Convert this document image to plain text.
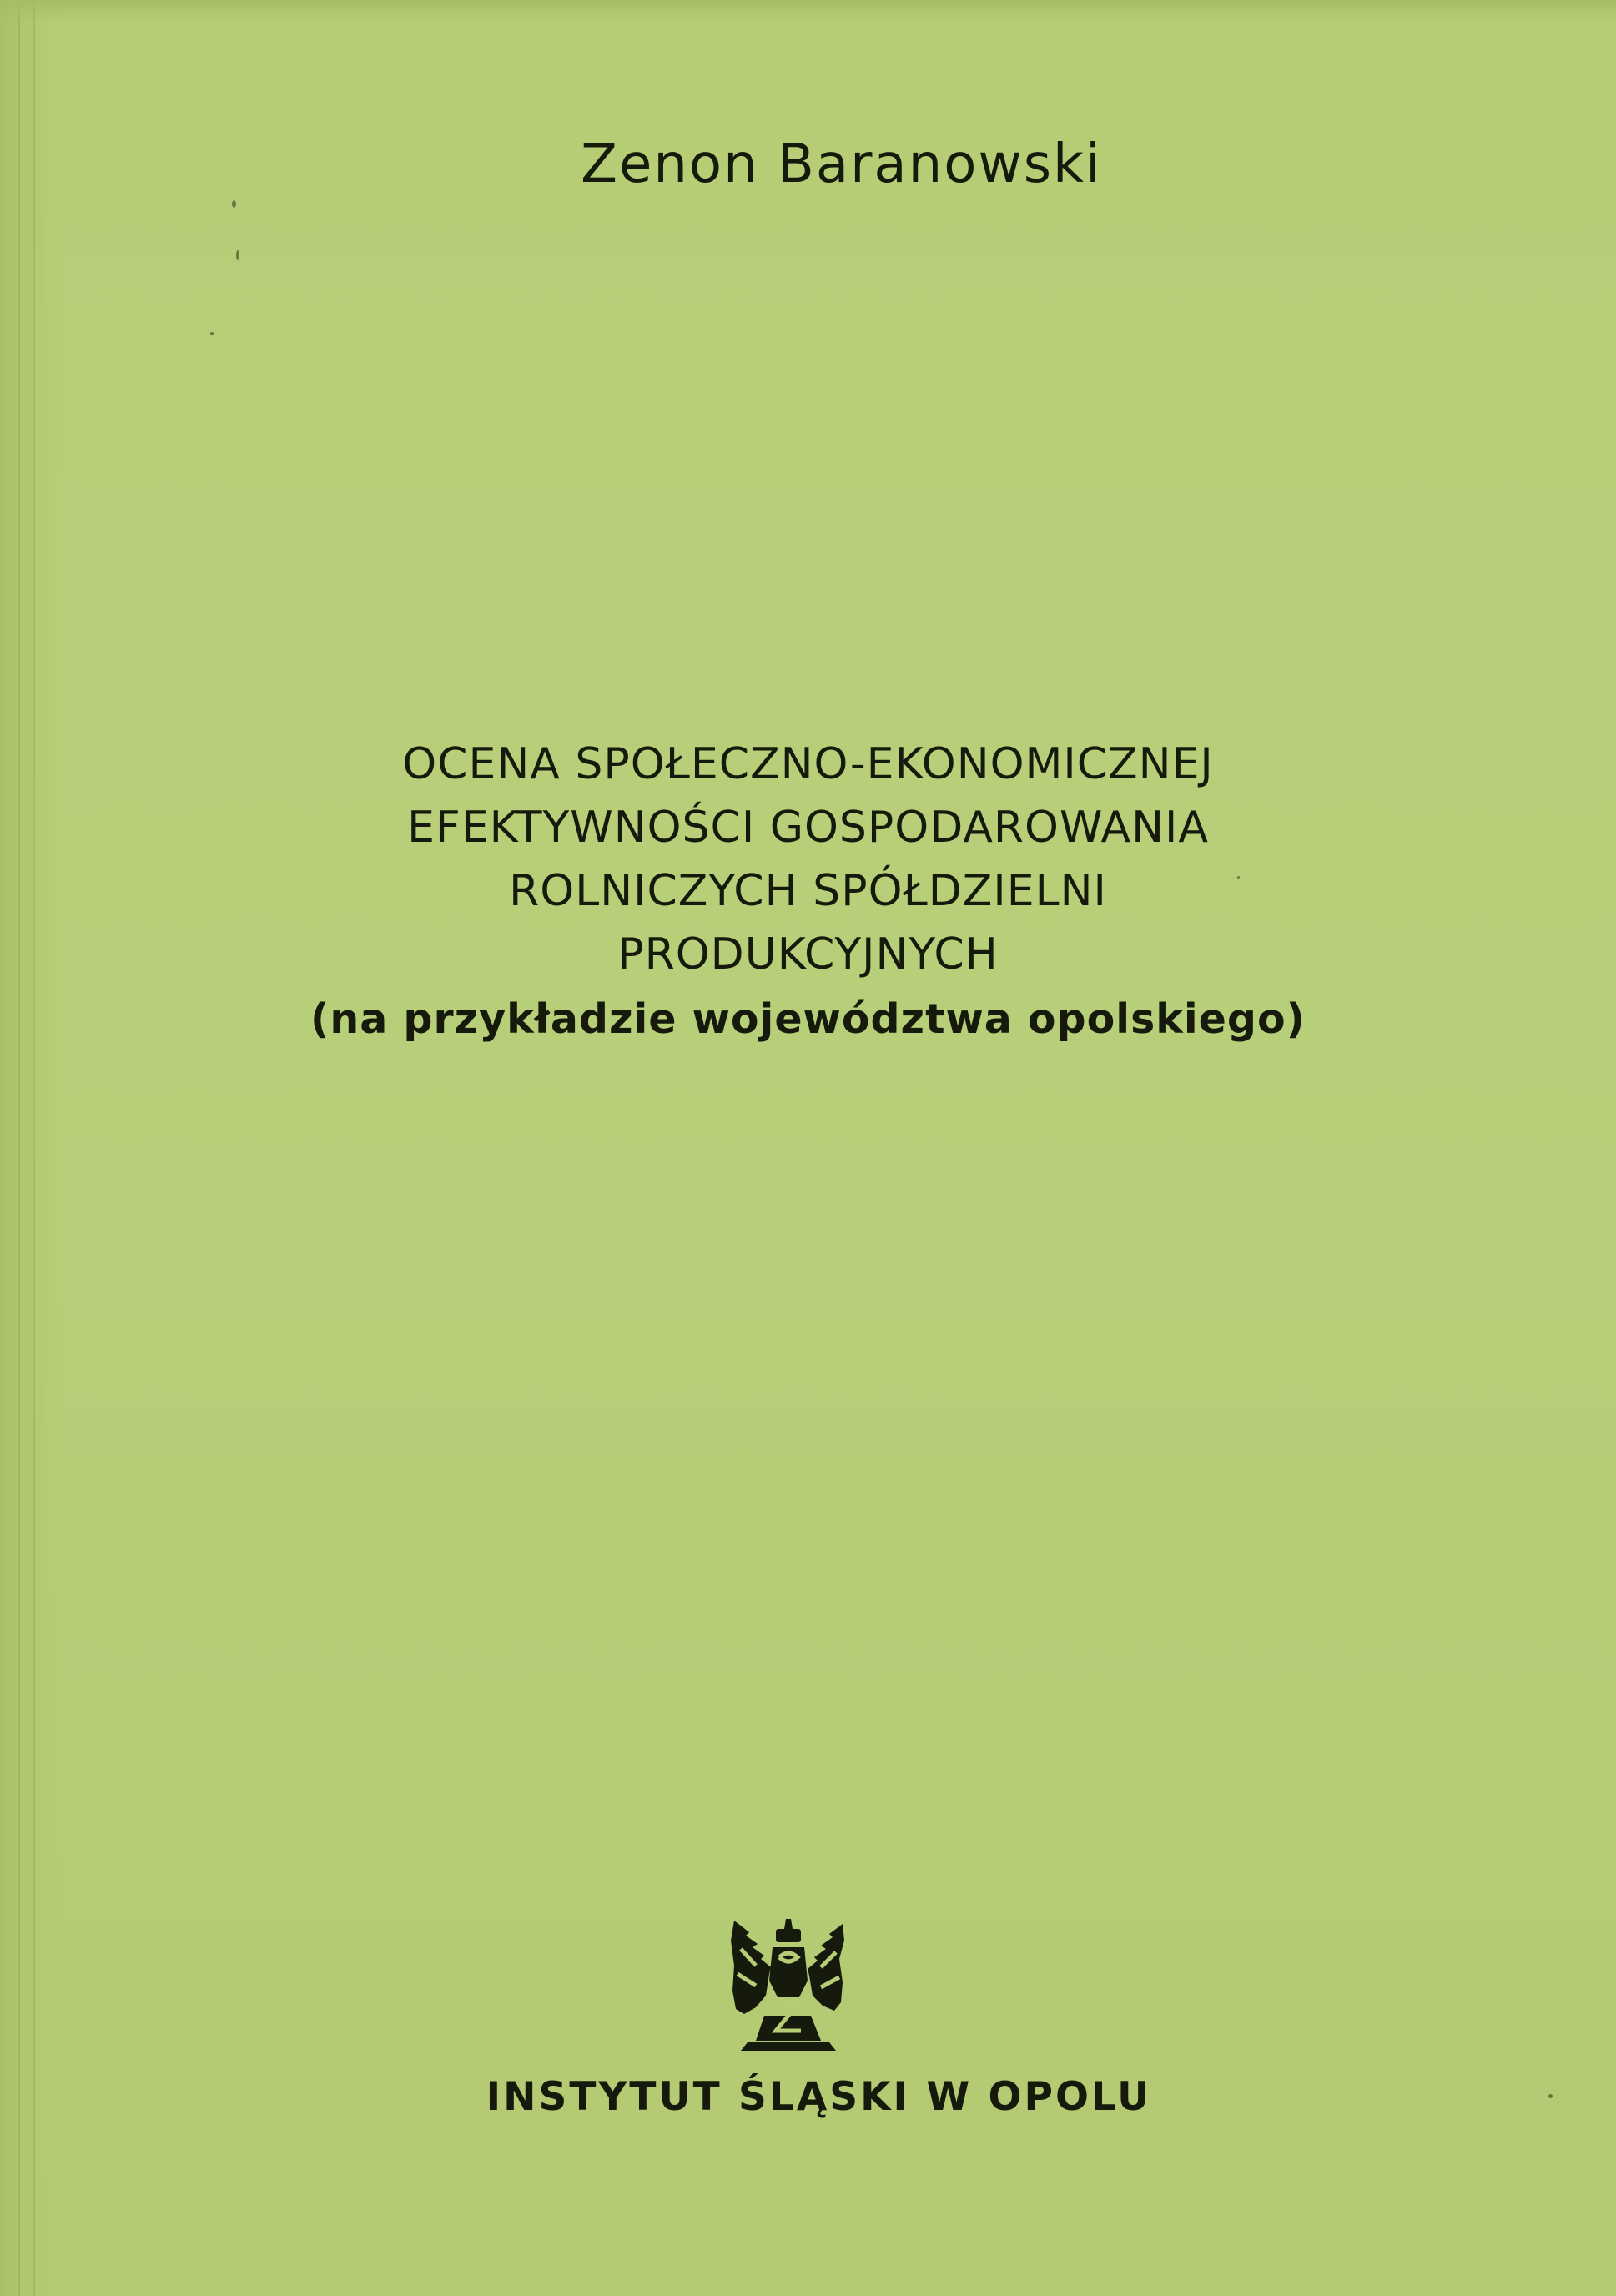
Zenon Baranowski
OCENA SPOŁECZNO-EKONOMICZNEJ
EFEKTYWNOŚCI GOSPODAROWANIA
ROLNICZYCH SPÓŁDZIELNI
PRODUKCYJNYCH
(na przykładzie województwa opolskiego)
INSTYTUT ŚLĄSKI W OPOLU
